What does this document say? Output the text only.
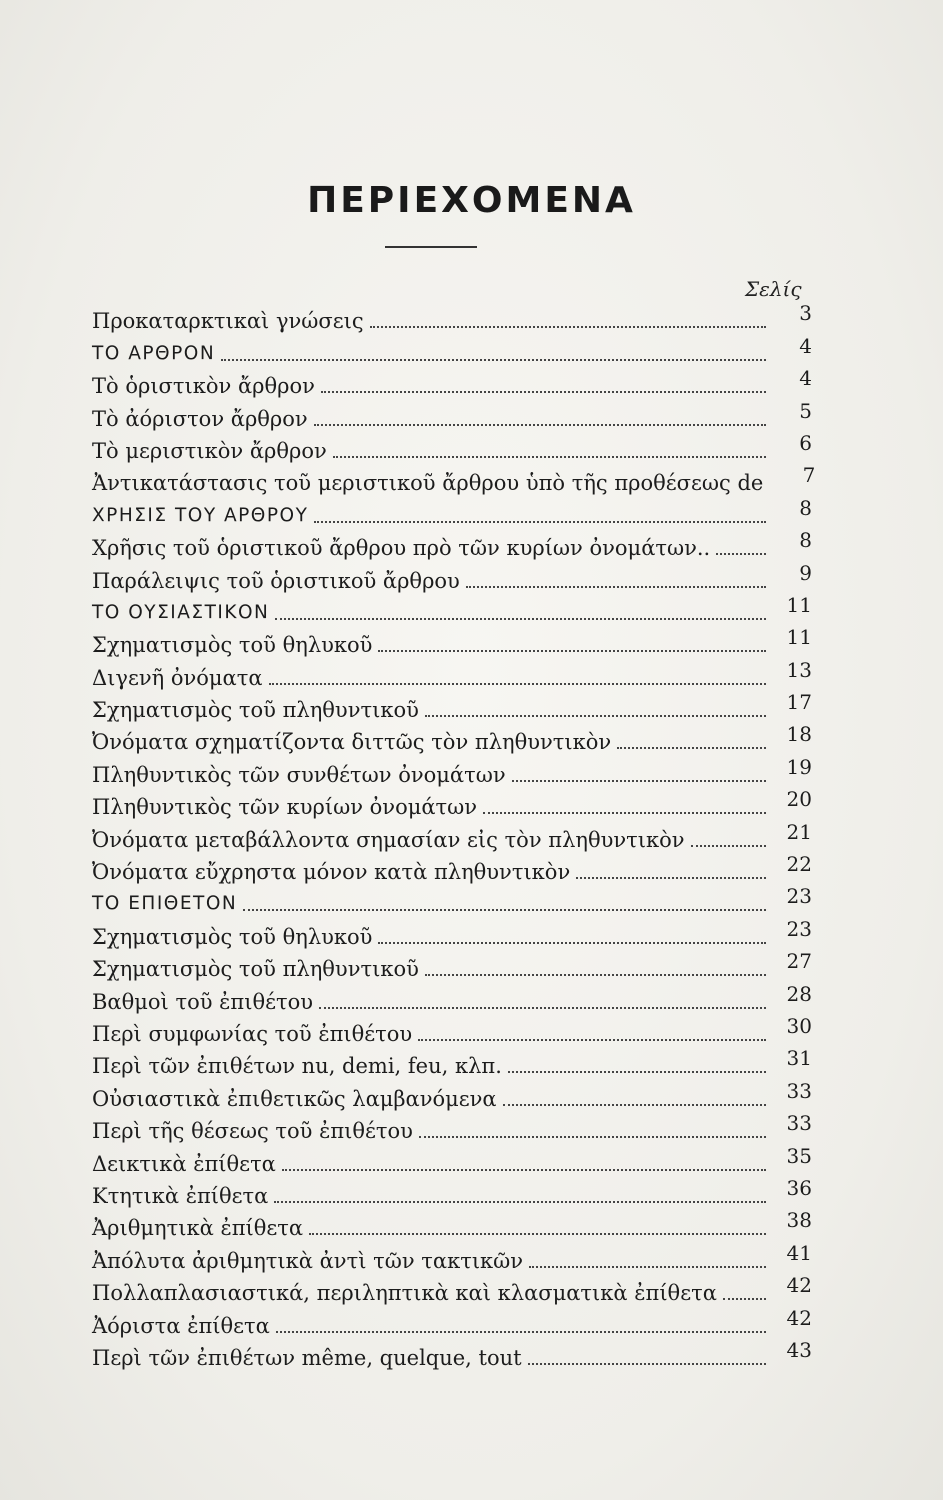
ΠΕΡΙΕΧΟΜΕΝΑ
Σελίς
Προκαταρκτικαὶ γνώσεις	3
ΤΟ ΑΡΘΡΟΝ	4
Τὸ ὁριστικὸν ἄρθρον	4
Τὸ ἀόριστον ἄρθρον	5
Τὸ μεριστικὸν ἄρθρον	6
Ἀντικατάστασις τοῦ μεριστικοῦ ἄρθρου ὑπὸ τῆς προθέσεως de	7
ΧΡΗΣΙΣ ΤΟΥ ΑΡΘΡΟΥ	8
Χρῆσις τοῦ ὁριστικοῦ ἄρθρου πρὸ τῶν κυρίων ὀνομάτων..	8
Παράλειψις τοῦ ὁριστικοῦ ἄρθρου	9
ΤΟ ΟΥΣΙΑΣΤΙΚΟΝ	11
Σχηματισμὸς τοῦ θηλυκοῦ	11
Διγενῆ ὀνόματα	13
Σχηματισμὸς τοῦ πληθυντικοῦ	17
Ὀνόματα σχηματίζοντα διττῶς τὸν πληθυντικὸν	18
Πληθυντικὸς τῶν συνθέτων ὀνομάτων	19
Πληθυντικὸς τῶν κυρίων ὀνομάτων	20
Ὀνόματα μεταβάλλοντα σημασίαν εἰς τὸν πληθυντικὸν	21
Ὀνόματα εὔχρηστα μόνον κατὰ πληθυντικὸν	22
ΤΟ ΕΠΙΘΕΤΟΝ	23
Σχηματισμὸς τοῦ θηλυκοῦ	23
Σχηματισμὸς τοῦ πληθυντικοῦ	27
Βαθμοὶ τοῦ ἐπιθέτου	28
Περὶ συμφωνίας τοῦ ἐπιθέτου	30
Περὶ τῶν ἐπιθέτων nu, demi, feu, κλπ.	31
Οὐσιαστικὰ ἐπιθετικῶς λαμβανόμενα	33
Περὶ τῆς θέσεως τοῦ ἐπιθέτου	33
Δεικτικὰ ἐπίθετα	35
Κτητικὰ ἐπίθετα	36
Ἀριθμητικὰ ἐπίθετα	38
Ἀπόλυτα ἀριθμητικὰ ἀντὶ τῶν τακτικῶν	41
Πολλαπλασιαστικά, περιληπτικὰ καὶ κλασματικὰ ἐπίθετα	42
Ἀόριστα ἐπίθετα	42
Περὶ τῶν ἐπιθέτων même, quelque, tout	43
